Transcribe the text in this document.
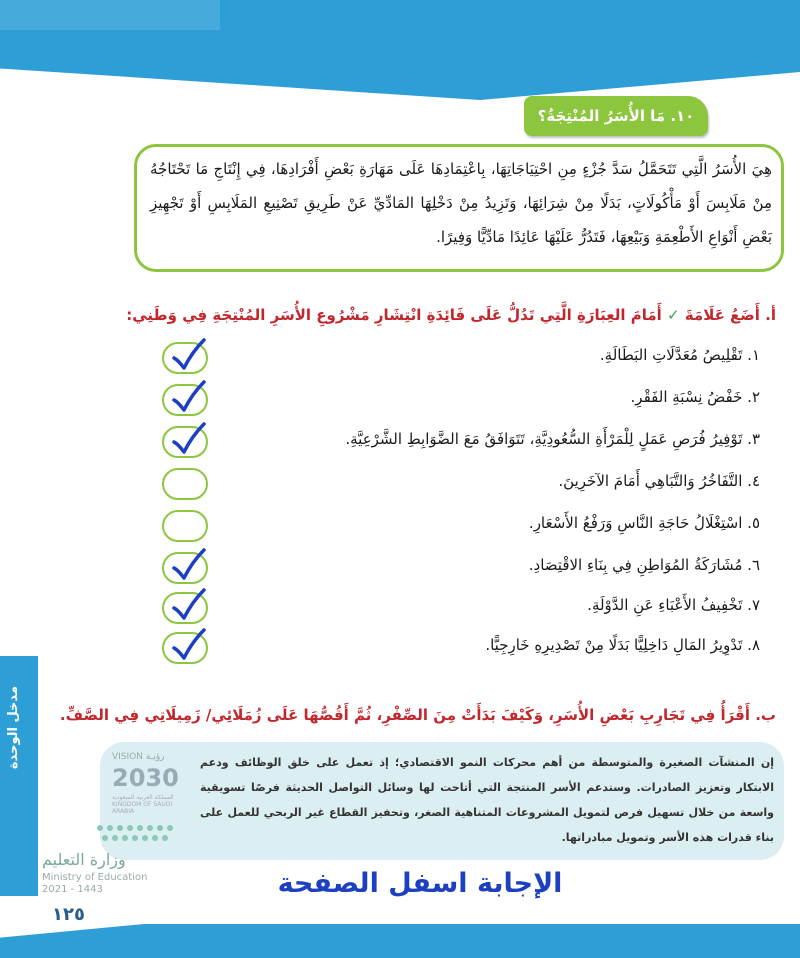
١٠. مَا الأُسَرُ المُنْتِجَةُ؟
هِيَ الأُسَرُ الَّتِي تَتَحَمَّلُ سَدَّ جُزْءٍ مِنِ احْتِيَاجَاتِهَا، بِاعْتِمَادِهَا عَلَى مَهَارَةِ بَعْضِ أَفْرَادِهَا، فِي إِنْتَاجِ مَا تَحْتَاجُهُ مِنْ مَلَابِسَ أَوْ مَأْكُولَاتٍ، بَدَلًا مِنْ شِرَائِهَا، وَتَزِيدُ مِنْ دَخْلِهَا المَادِّيِّ عَنْ طَرِيقِ تَصْنِيعِ المَلَابِسِ أَوْ تَجْهِيزِ بَعْضِ أَنْوَاعِ الأَطْعِمَةِ وَبَيْعِهَا، فَتَدُرُّ عَلَيْهَا عَائِدًا مَادِّيًّا وَفِيرًا.
أ. أَضَعُ عَلَامَةَ ✓ أَمَامَ العِبَارَةِ الَّتِي تَدُلُّ عَلَى فَائِدَةِ انْتِشَارِ مَشْرُوعِ الأُسَرِ المُنْتِجَةِ فِي وَطَنِي:
١. تَقْلِيصُ مُعَدَّلَاتِ البَطَالَةِ.
٢. خَفْضُ نِسْبَةِ الفَقْرِ.
٣. تَوْفِيرُ فُرَصِ عَمَلٍ لِلْمَرْأَةِ السُّعُودِيَّةِ، تَتَوَافَقُ مَعَ الضَّوَابِطِ الشَّرْعِيَّةِ.
٤. التَّفَاخُرُ وَالتَّبَاهِي أَمَامَ الآخَرِينَ.
٥. اسْتِغْلَالُ حَاجَةِ النَّاسِ وَرَفْعُ الأَسْعَارِ.
٦. مُشَارَكَةُ المُوَاطِنِ فِي بِنَاءِ الاقْتِصَادِ.
٧. تَخْفِيفُ الأَعْبَاءِ عَنِ الدَّوْلَةِ.
٨. تَدْوِيرُ المَالِ دَاخِلِيًّا بَدَلًا مِنْ تَصْدِيرِهِ خَارِجِيًّا.
مدخل الوحدة	ب. أَقْرَأُ فِي تَجَارِبِ بَعْضِ الأُسَرِ، وَكَيْفَ بَدَأَتْ مِنَ الصِّفْرِ، ثُمَّ أَقُصُّهَا عَلَى زُمَلَائِي/ زَمِيلَاتِي فِي الصَّفِّ.
إن المنشآت الصغيرة والمتوسطة من أهم محركات النمو الاقتصادي؛ إذ تعمل على خلق الوظائف ودعم الابتكار وتعزيز الصادرات. وستدعم الأسر المنتجة التي أتاحت لها وسائل التواصل الحديثة فرصًا تسويقية واسعة من خلال تسهيل فرص لتمويل المشروعات المتناهية الصغر، وتحفيز القطاع غير الربحي للعمل على بناء قدرات هذه الأسر وتمويل مبادراتها.
VISION رؤيـة
2030
المملكة العربية السعودية KINGDOM OF SAUDI ARABIA
وزارة التعليم
Ministry of Education
2021 - 1443	الإجابة اسفل الصفحة
١٢٥
